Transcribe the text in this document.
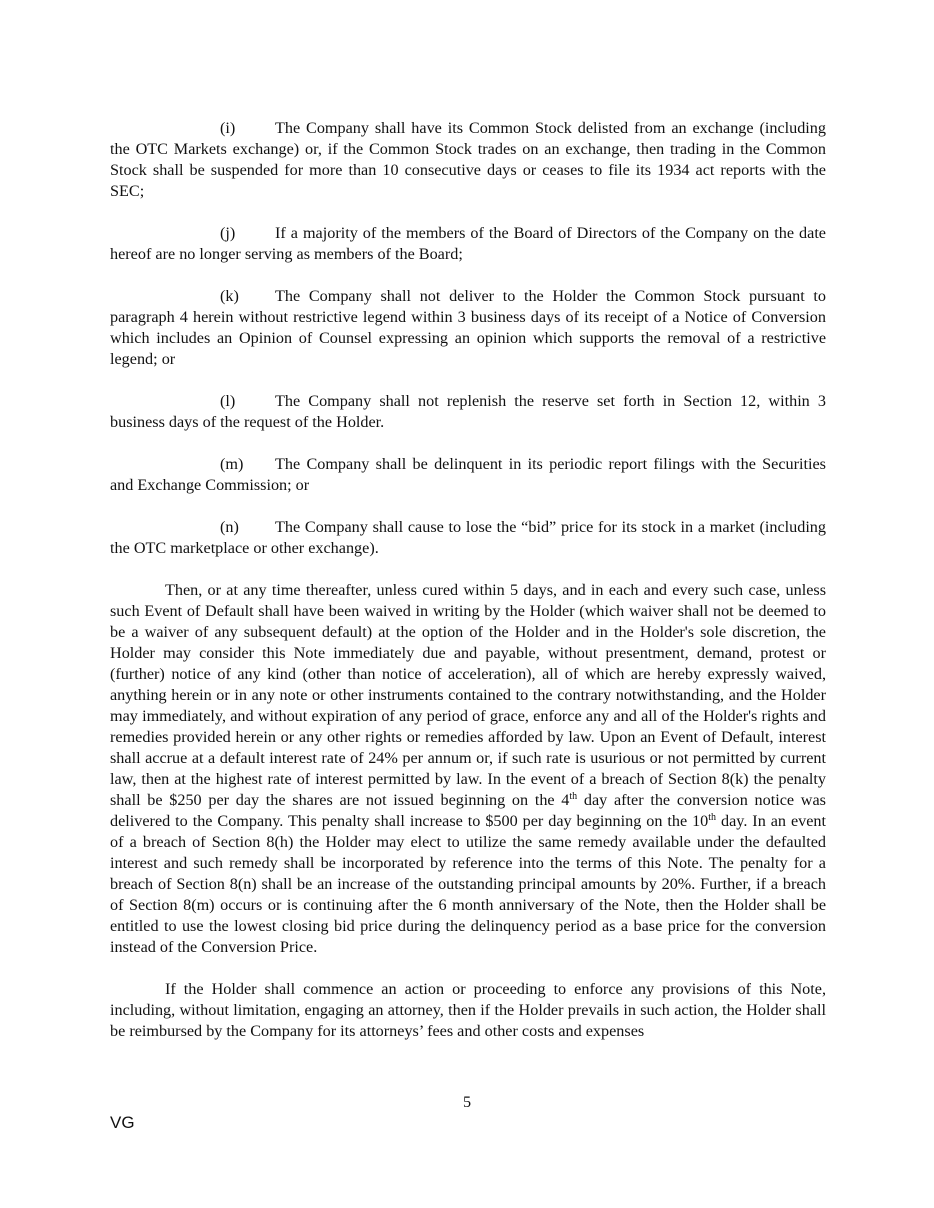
(i) The Company shall have its Common Stock delisted from an exchange (including the OTC Markets exchange) or, if the Common Stock trades on an exchange, then trading in the Common Stock shall be suspended for more than 10 consecutive days or ceases to file its 1934 act reports with the SEC;

(j) If a majority of the members of the Board of Directors of the Company on the date hereof are no longer serving as members of the Board;

(k) The Company shall not deliver to the Holder the Common Stock pursuant to paragraph 4 herein without restrictive legend within 3 business days of its receipt of a Notice of Conversion which includes an Opinion of Counsel expressing an opinion which supports the removal of a restrictive legend; or

(l) The Company shall not replenish the reserve set forth in Section 12, within 3 business days of the request of the Holder.

(m) The Company shall be delinquent in its periodic report filings with the Securities and Exchange Commission; or

(n) The Company shall cause to lose the “bid” price for its stock in a market (including the OTC marketplace or other exchange).

Then, or at any time thereafter, unless cured within 5 days, and in each and every such case, unless such Event of Default shall have been waived in writing by the Holder (which waiver shall not be deemed to be a waiver of any subsequent default) at the option of the Holder and in the Holder's sole discretion, the Holder may consider this Note immediately due and payable, without presentment, demand, protest or (further) notice of any kind (other than notice of acceleration), all of which are hereby expressly waived, anything herein or in any note or other instruments contained to the contrary notwithstanding, and the Holder may immediately, and without expiration of any period of grace, enforce any and all of the Holder's rights and remedies provided herein or any other rights or remedies afforded by law. Upon an Event of Default, interest shall accrue at a default interest rate of 24% per annum or, if such rate is usurious or not permitted by current law, then at the highest rate of interest permitted by law. In the event of a breach of Section 8(k) the penalty shall be $250 per day the shares are not issued beginning on the 4th day after the conversion notice was delivered to the Company. This penalty shall increase to $500 per day beginning on the 10th day. In an event of a breach of Section 8(h) the Holder may elect to utilize the same remedy available under the defaulted interest and such remedy shall be incorporated by reference into the terms of this Note. The penalty for a breach of Section 8(n) shall be an increase of the outstanding principal amounts by 20%. Further, if a breach of Section 8(m) occurs or is continuing after the 6 month anniversary of the Note, then the Holder shall be entitled to use the lowest closing bid price during the delinquency period as a base price for the conversion instead of the Conversion Price.

If the Holder shall commence an action or proceeding to enforce any provisions of this Note, including, without limitation, engaging an attorney, then if the Holder prevails in such action, the Holder shall be reimbursed by the Company for its attorneys’ fees and other costs and expenses

5
VG
